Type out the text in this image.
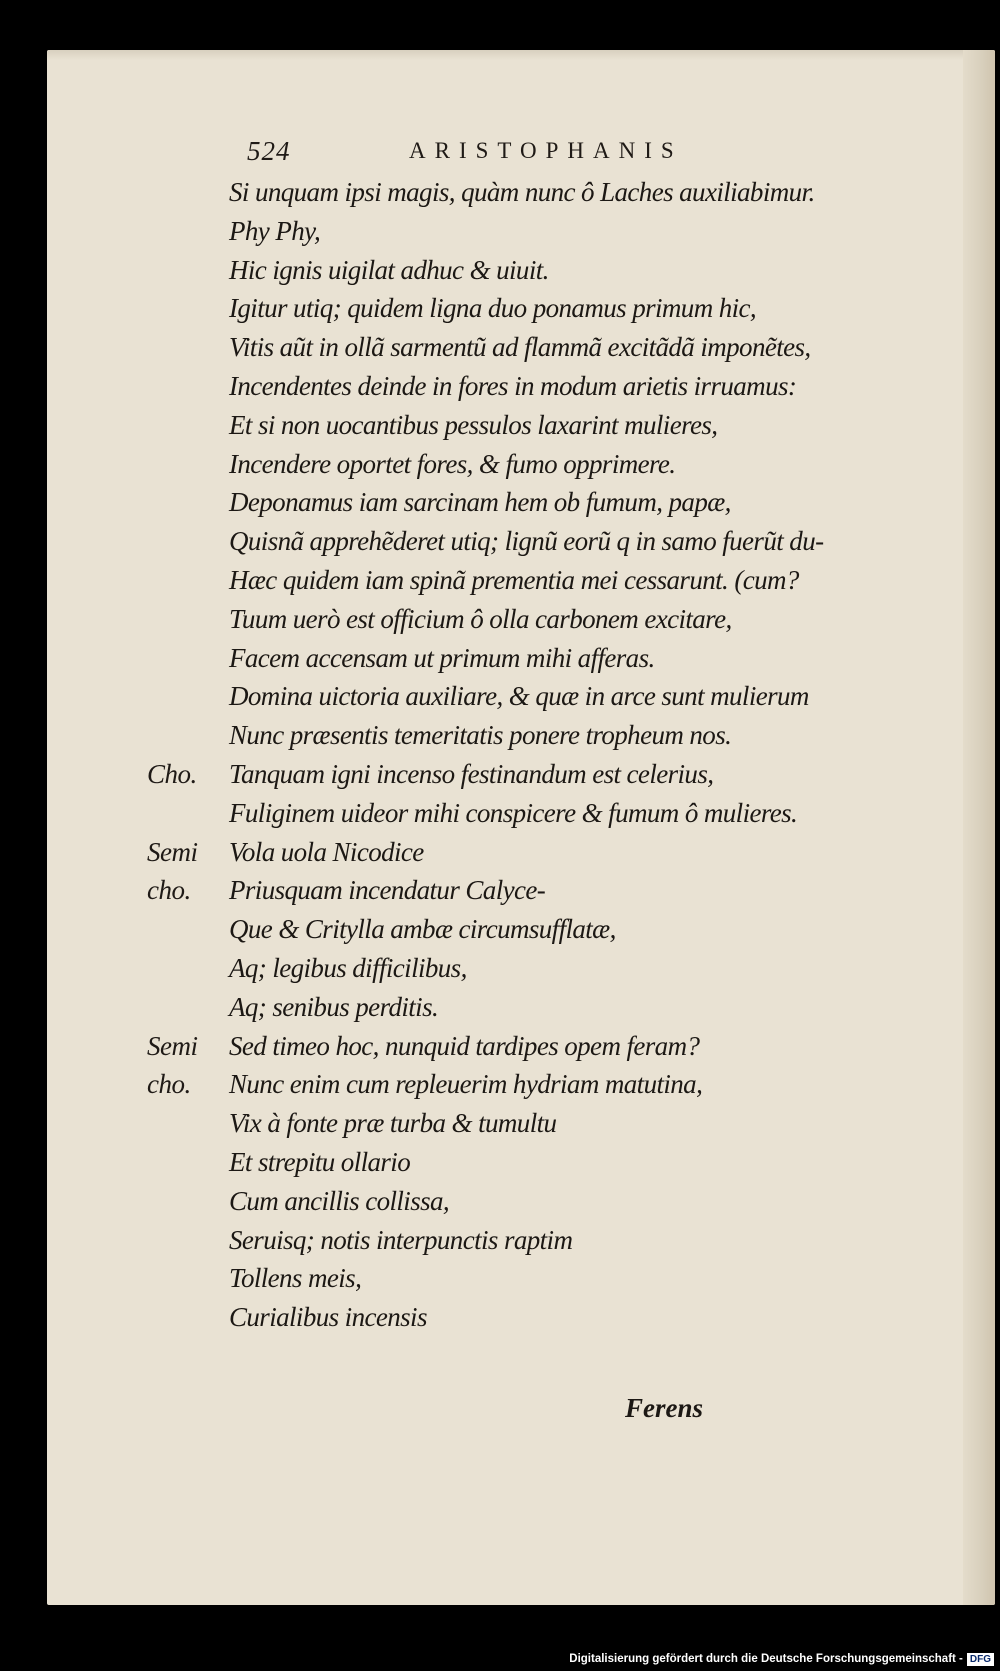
524	ARISTOPHANIS
Si unquam ipsi magis, quàm nunc ô Laches auxiliabimur.
Phy Phy,
Hic ignis uigilat adhuc & uiuit.
Igitur utiq; quidem ligna duo ponamus primum hic,
Vitis aũt in ollã sarmentũ ad flammã excitãdã imponẽtes,
Incendentes deinde in fores in modum arietis irruamus:
Et si non uocantibus pessulos laxarint mulieres,
Incendere oportet fores, & fumo opprimere.
Deponamus iam sarcinam hem ob fumum, papæ,
Quisnã apprehẽderet utiq; lignũ eorũ q in samo fuerũt du-
Hæc quidem iam spinã prementia mei cessarunt. (cum?
Tuum uerò est officium ô olla carbonem excitare,
Facem accensam ut primum mihi afferas.
Domina uictoria auxiliare, & quæ in arce sunt mulierum
Nunc præsentis temeritatis ponere tropheum nos.
Cho.	Tanquam igni incenso festinandum est celerius,
Fuliginem uideor mihi conspicere & fumum ô mulieres.
Semi	Vola uola Nicodice
cho.	Priusquam incendatur Calyce-
Que & Critylla ambæ circumsufflatæ,
Aq; legibus difficilibus,
Aq; senibus perditis.
Semi	Sed timeo hoc, nunquid tardipes opem feram?
cho.	Nunc enim cum repleuerim hydriam matutina,
Vix à fonte præ turba & tumultu
Et strepitu ollario
Cum ancillis collissa,
Seruisq; notis interpunctis raptim
Tollens meis,
Curialibus incensis
Ferens
Digitalisierung gefördert durch die Deutsche Forschungsgemeinschaft - DFG
